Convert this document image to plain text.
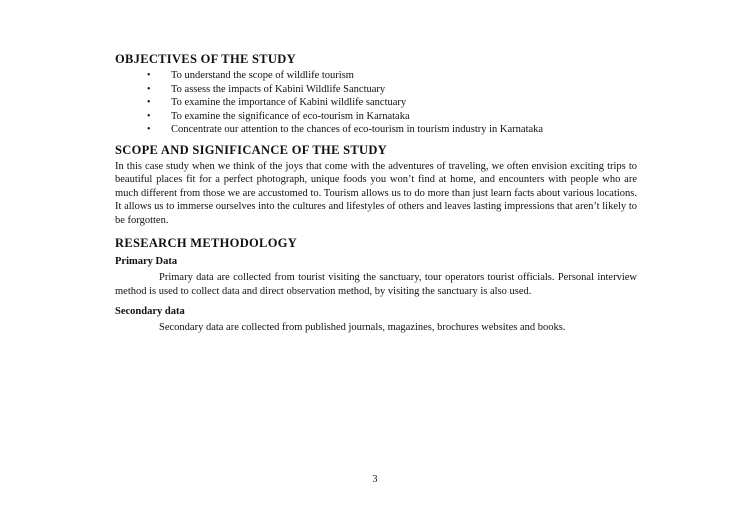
OBJECTIVES OF THE STUDY
• To understand the scope of wildlife tourism
• To assess the impacts of Kabini Wildlife Sanctuary
• To examine the importance of Kabini wildlife sanctuary
• To examine the significance of eco-tourism in Karnataka
• Concentrate our attention to the chances of eco-tourism in tourism industry in Karnataka
SCOPE AND SIGNIFICANCE OF THE STUDY

In this case study when we think of the joys that come with the adventures of traveling, we often envision exciting trips to beautiful places fit for a perfect photograph, unique foods you won’t find at home, and encounters with people who are much different from those we are accustomed to. Tourism allows us to do more than just learn facts about various locations. It allows us to immerse ourselves into the cultures and lifestyles of others and leaves lasting impressions that aren’t likely to be forgotten.

RESEARCH METHODOLOGY
Primary Data

Primary data are collected from tourist visiting the sanctuary, tour operators tourist officials. Personal interview method is used to collect data and direct observation method, by visiting the sanctuary is also used.

Secondary data

Secondary data are collected from published journals, magazines, brochures websites and books.

3
